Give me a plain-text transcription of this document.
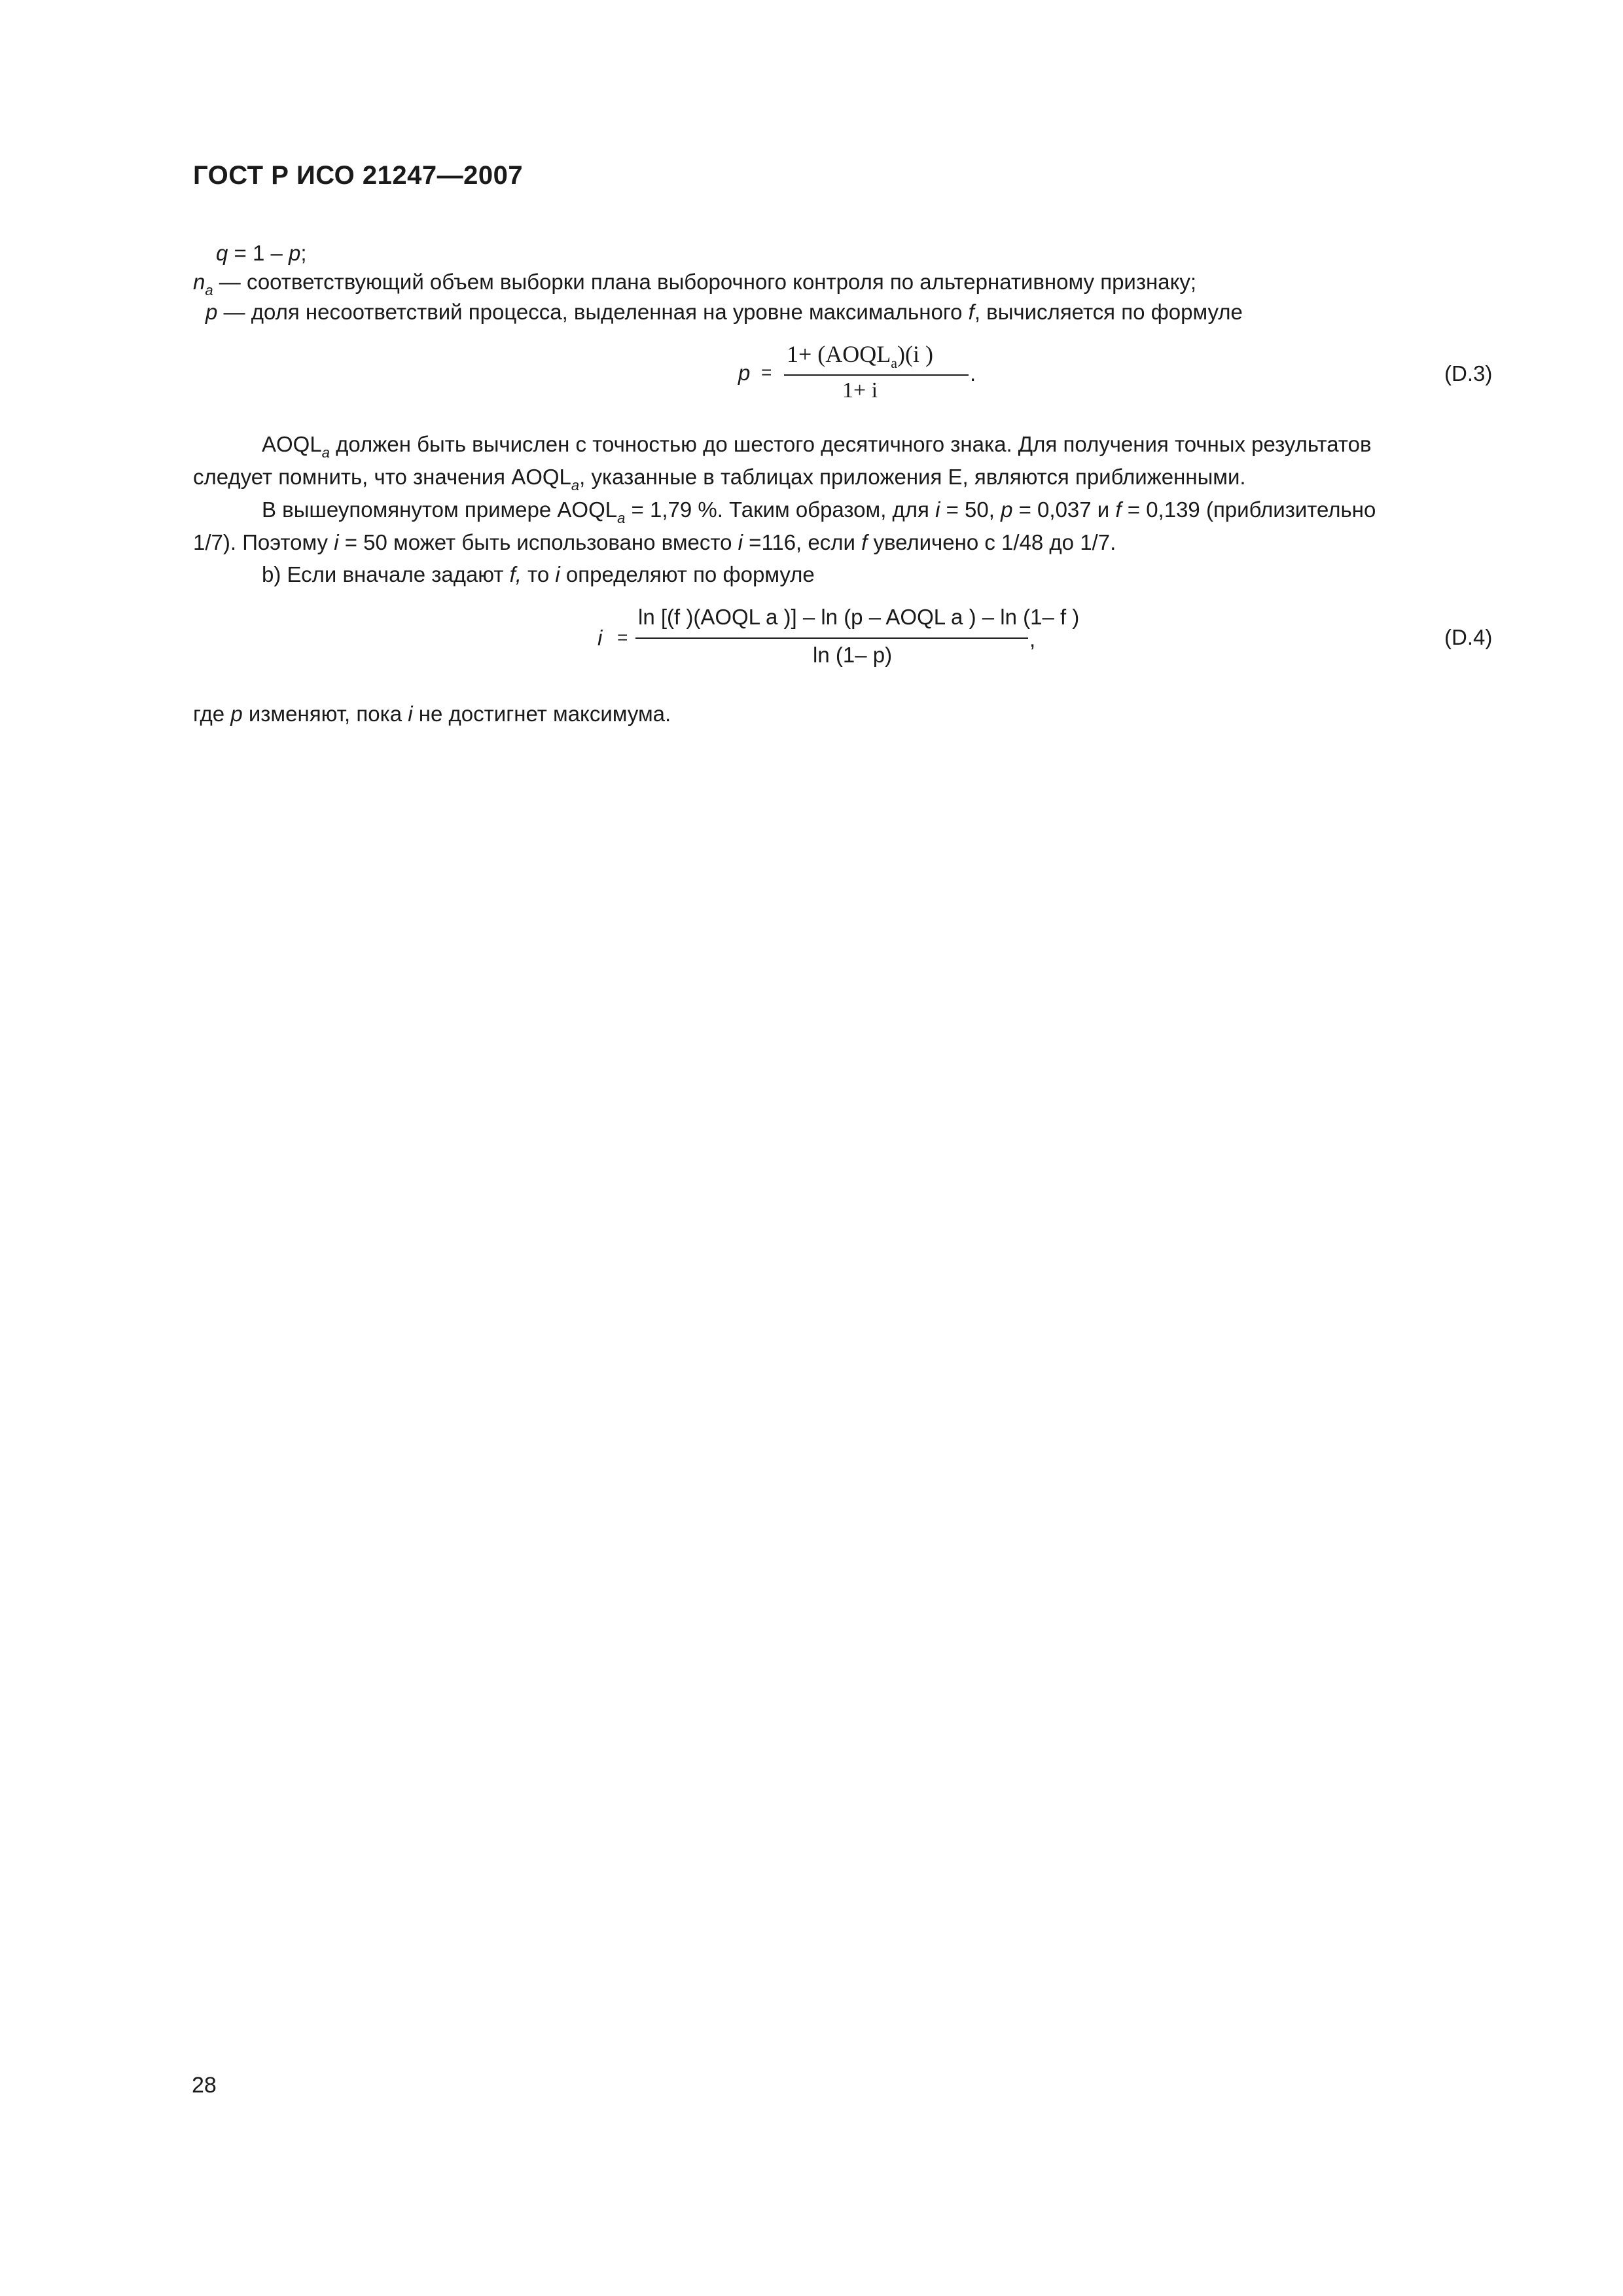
ГОСТ Р ИСО 21247—2007
q = 1 – p;
$n_a$ — соответствующий объем выборки плана выборочного контроля по альтернативному признаку;
p — доля несоответствий процесса, выделенная на уровне максимального f, вычисляется по формуле
p =
$1+ (AOQL_a)(i$ )
1+ i
.	(D.3)
$AOQL_a$ должен быть вычислен с точностью до шестого десятичного знака. Для получения точных результатов
следует помнить, что значения $AOQL_a$, указанные в таблицах приложения Е, являются приближенными.
В вышеупомянутом примере $AOQL_a = 1,79$ %. Таким образом, для i = 50, p = 0,037 и f = 0,139 (приблизительно
1/7). Поэтому i = 50 может быть использовано вместо i =116, если f увеличено с 1/48 до 1/7.
b) Если вначале задают f, то i определяют по формуле
i =
ln [(f )(AOQL a )] – ln (p – AOQL a ) – ln (1– f )
ln (1– p)
,	(D.4)
где p изменяют, пока i не достигнет максимума.
28
